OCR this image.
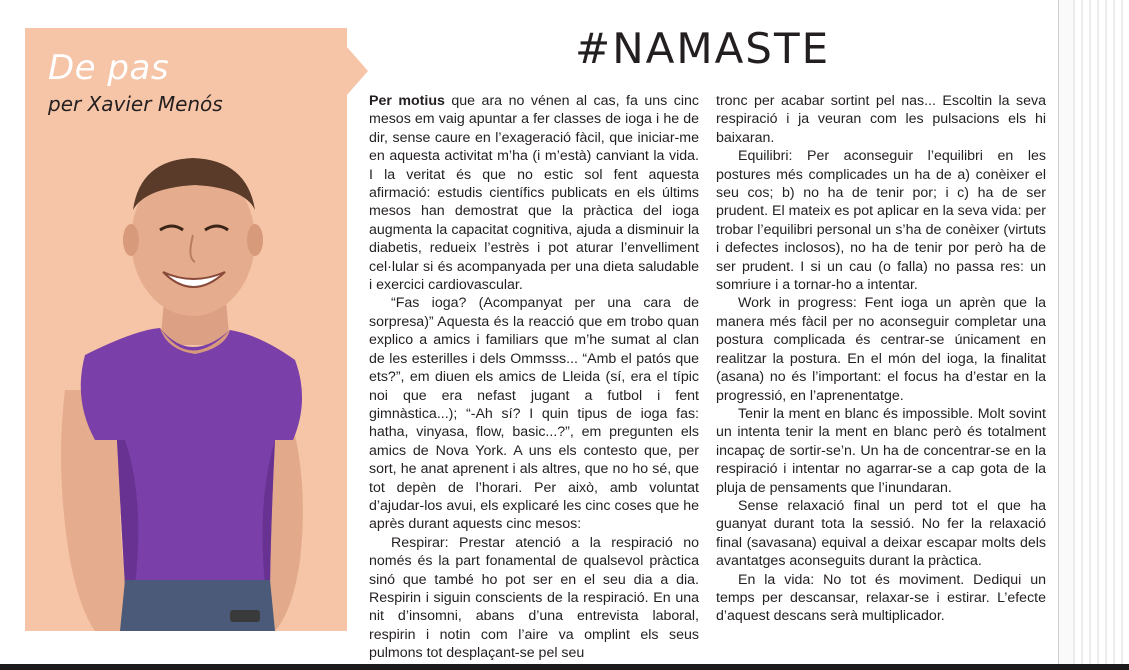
De pas
per Xavier Menós
#NAMASTE

Per motius que ara no vénen al cas, fa uns cinc mesos em vaig apuntar a fer classes de ioga i he de dir, sense caure en l’exageració fàcil, que iniciar-me en aquesta activitat m’ha (i m’està) canviant la vida. I la veritat és que no estic sol fent aquesta afirmació: estudis científics publicats en els últims mesos han demostrat que la pràctica del ioga augmenta la capacitat cognitiva, ajuda a disminuir la diabetis, redueix l’estrès i pot aturar l’envelliment cel·lular si és acompanyada per una dieta saludable i exercici cardiovascular.

“Fas ioga? (Acompanyat per una cara de sorpresa)” Aquesta és la reacció que em trobo quan explico a amics i familiars que m’he sumat al clan de les esterilles i dels Ommsss... “Amb el patós que ets?”, em diuen els amics de Lleida (sí, era el típic noi que era nefast jugant a futbol i fent gimnàstica...); “-Ah sí? I quin tipus de ioga fas: hatha, vinyasa, flow, basic...?”, em pregunten els amics de Nova York. A uns els contesto que, per sort, he anat aprenent i als altres, que no ho sé, que tot depèn de l’horari. Per això, amb voluntat d’ajudar-los avui, els explicaré les cinc coses que he après durant aquests cinc mesos:

Respirar: Prestar atenció a la respiració no només és la part fonamental de qualsevol pràctica sinó que també ho pot ser en el seu dia a dia. Respirin i siguin conscients de la respiració. En una nit d’insomni, abans d’una entrevista laboral, respirin i notin com l’aire va omplint els seus pulmons tot desplaçant-se pel seu

tronc per acabar sortint pel nas... Escoltin la seva respiració i ja veuran com les pulsacions els hi baixaran.

Equilibri: Per aconseguir l’equilibri en les postures més complicades un ha de a) conèixer el seu cos; b) no ha de tenir por; i c) ha de ser prudent. El mateix es pot aplicar en la seva vida: per trobar l’equilibri personal un s’ha de conèixer (virtuts i defectes inclosos), no ha de tenir por però ha de ser prudent. I si un cau (o falla) no passa res: un somriure i a tornar-ho a intentar.

Work in progress: Fent ioga un aprèn que la manera més fàcil per no aconseguir completar una postura complicada és centrar-se únicament en realitzar la postura. En el món del ioga, la finalitat (asana) no és l’important: el focus ha d’estar en la progressió, en l’aprenentatge.

Tenir la ment en blanc és impossible. Molt sovint un intenta tenir la ment en blanc però és totalment incapaç de sortir-se’n. Un ha de concentrar-se en la respiració i intentar no agarrar-se a cap gota de la pluja de pensaments que l’inundaran.

Sense relaxació final un perd tot el que ha guanyat durant tota la sessió. No fer la relaxació final (savasana) equival a deixar escapar molts dels avantatges aconseguits durant la pràctica.

En la vida: No tot és moviment. Dediqui un temps per descansar, relaxar-se i estirar. L’efecte d’aquest descans serà multiplicador.
